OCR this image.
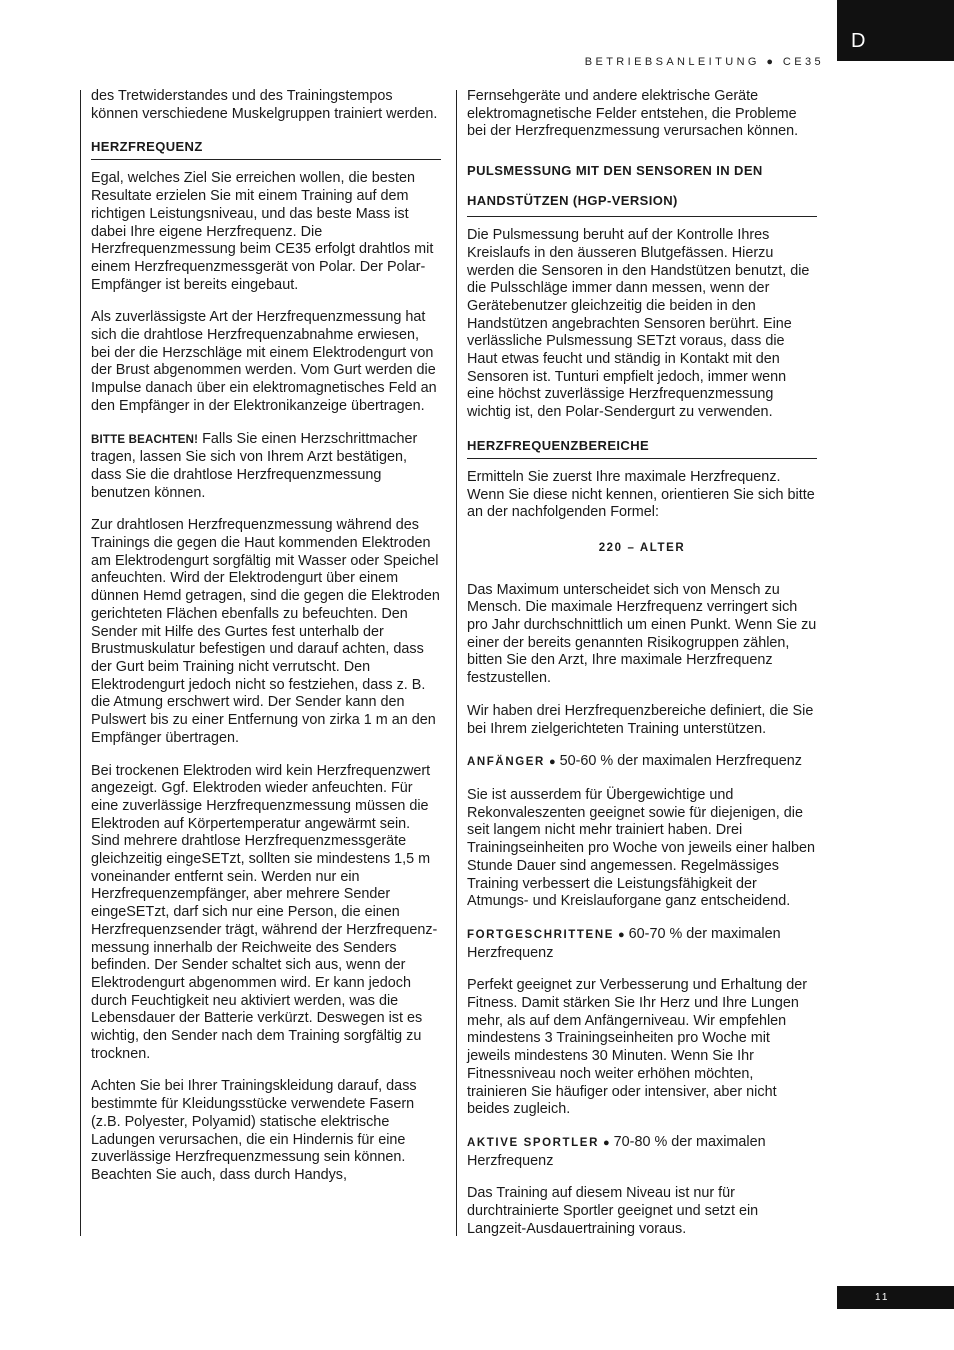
D
BETRIEBSANLEITUNG ● CE35

des Tretwiderstandes und des Trainingstempos können verschiedene Muskelgruppen trainiert werden.

HERZFREQUENZ

Egal, welches Ziel Sie erreichen wollen, die besten Resultate erzielen Sie mit einem Training auf dem richtigen Leistungsniveau, und das beste Mass ist dabei Ihre eigene Herzfrequenz. Die Herzfrequenzmessung beim CE35 erfolgt drahtlos mit einem Herzfrequenzmessgerät von Polar. Der Polar-Empfänger ist bereits eingebaut.

Als zuverlässigste Art der Herzfrequenzmessung hat sich die drahtlose Herzfrequenzabnahme erwiesen, bei der die Herzschläge mit einem Elektrodengurt von der Brust abgenommen werden. Vom Gurt werden die Impulse danach über ein elektromagnetisches Feld an den Empfänger in der Elektronikanzeige übertragen.

BITTE BEACHTEN! Falls Sie einen Herzschrittmacher tragen, lassen Sie sich von Ihrem Arzt bestätigen, dass Sie die drahtlose Herzfrequenzmessung benutzen können.

Zur drahtlosen Herzfrequenzmessung während des Trainings die gegen die Haut kommenden Elektroden am Elektrodengurt sorgfältig mit Wasser oder Speichel anfeuchten. Wird der Elektrodengurt über einem dünnen Hemd getragen, sind die gegen die Elektroden gerichteten Flächen ebenfalls zu befeuchten. Den Sender mit Hilfe des Gurtes fest unterhalb der Brustmuskulatur befestigen und darauf achten, dass der Gurt beim Training nicht verrutscht. Den Elektrodengurt jedoch nicht so festziehen, dass z. B. die Atmung erschwert wird. Der Sender kann den Pulswert bis zu einer Entfernung von zirka 1 m an den Empfänger übertragen.

Bei trockenen Elektroden wird kein Herzfrequenzwert angezeigt. Ggf. Elektroden wieder anfeuchten. Für eine zuverlässige Herzfrequenzmessung müssen die Elektroden auf Körpertemperatur angewärmt sein. Sind mehrere drahtlose Herzfrequenzmessgeräte gleichzeitig eingeSETzt, sollten sie mindestens 1,5 m voneinander entfernt sein. Werden nur ein Herzfrequenzempfänger, aber mehrere Sender eingeSETzt, darf sich nur eine Person, die einen Herzfrequenzsender trägt, während der Herzfrequenz-messung innerhalb der Reichweite des Senders befinden. Der Sender schaltet sich aus, wenn der Elektrodengurt abgenommen wird. Er kann jedoch durch Feuchtigkeit neu aktiviert werden, was die Lebensdauer der Batterie verkürzt. Deswegen ist es wichtig, den Sender nach dem Training sorgfältig zu trocknen.

Achten Sie bei Ihrer Trainingskleidung darauf, dass bestimmte für Kleidungsstücke verwendete Fasern (z.B. Polyester, Polyamid) statische elektrische Ladungen verursachen, die ein Hindernis für eine zuverlässige Herzfrequenzmessung sein können. Beachten Sie auch, dass durch Handys,

Fernsehgeräte und andere elektrische Geräte elektromagnetische Felder entstehen, die Probleme bei der Herzfrequenzmessung verursachen können.

PULSMESSUNG MIT DEN SENSOREN IN DEN
HANDSTÜTZEN (HGP-VERSION)

Die Pulsmessung beruht auf der Kontrolle Ihres Kreislaufs in den äusseren Blutgefässen. Hierzu werden die Sensoren in den Handstützen benutzt, die die Pulsschläge immer dann messen, wenn der Gerätebenutzer gleichzeitig die beiden in den Handstützen angebrachten Sensoren berührt. Eine verlässliche Pulsmessung SETzt voraus, dass die Haut etwas feucht und ständig in Kontakt mit den Sensoren ist. Tunturi empfielt jedoch, immer wenn eine höchst zuverlässige Herzfrequenzmessung wichtig ist, den Polar-Sendergurt zu verwenden.

HERZFREQUENZBEREICHE

Ermitteln Sie zuerst Ihre maximale Herzfrequenz. Wenn Sie diese nicht kennen, orientieren Sie sich bitte an der nachfolgenden Formel:

220 – ALTER

Das Maximum unterscheidet sich von Mensch zu Mensch. Die maximale Herzfrequenz verringert sich pro Jahr durchschnittlich um einen Punkt. Wenn Sie zu einer der bereits genannten Risikogruppen zählen, bitten Sie den Arzt, Ihre maximale Herzfrequenz festzustellen.

Wir haben drei Herzfrequenzbereiche definiert, die Sie bei Ihrem zielgerichteten Training unterstützen.

ANFÄNGER ● 50-60 % der maximalen Herzfrequenz

Sie ist ausserdem für Übergewichtige und Rekonvaleszenten geeignet sowie für diejenigen, die seit langem nicht mehr trainiert haben. Drei Trainingseinheiten pro Woche von jeweils einer halben Stunde Dauer sind angemessen. Regelmässiges Training verbessert die Leistungsfähigkeit der Atmungs- und Kreislauforgane ganz entscheidend.

FORTGESCHRITTENE ● 60-70 % der maximalen Herzfrequenz

Perfekt geeignet zur Verbesserung und Erhaltung der Fitness. Damit stärken Sie Ihr Herz und Ihre Lungen mehr, als auf dem Anfängerniveau. Wir empfehlen mindestens 3 Trainingseinheiten pro Woche mit jeweils mindestens 30 Minuten. Wenn Sie Ihr Fitnessniveau noch weiter erhöhen möchten, trainieren Sie häufiger oder intensiver, aber nicht beides zugleich.

AKTIVE SPORTLER ● 70-80 % der maximalen Herzfrequenz

Das Training auf diesem Niveau ist nur für durchtrainierte Sportler geeignet und setzt ein Langzeit-Ausdauertraining voraus.

11
